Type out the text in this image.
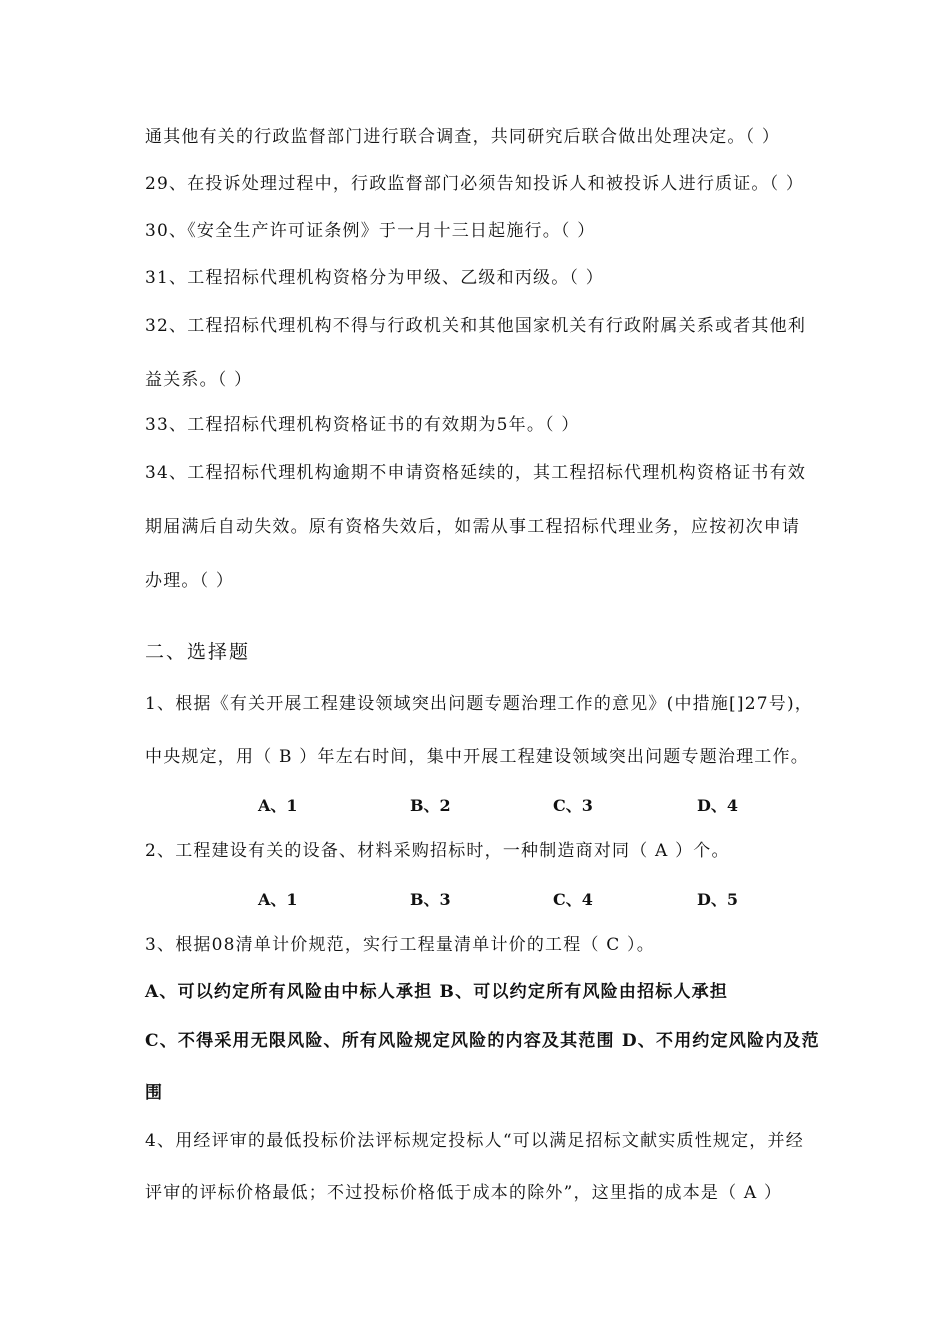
通其他有关的行政监督部门进行联合调查，共同研究后联合做出处理决定。（ ）
29、在投诉处理过程中，行政监督部门必须告知投诉人和被投诉人进行质证。（ ）
30、《安全生产许可证条例》于一月十三日起施行。（ ）
31、工程招标代理机构资格分为甲级、乙级和丙级。（ ）
32、工程招标代理机构不得与行政机关和其他国家机关有行政附属关系或者其他利
益关系。（ ）
33、工程招标代理机构资格证书的有效期为5年。（ ）
34、工程招标代理机构逾期不申请资格延续的，其工程招标代理机构资格证书有效
期届满后自动失效。原有资格失效后，如需从事工程招标代理业务，应按初次申请
办理。（ ）
二、选择题
1、根据《有关开展工程建设领域突出问题专题治理工作的意见》(中措施[]27号)，
中央规定，用（ B ）年左右时间，集中开展工程建设领域突出问题专题治理工作。
A、1	B、2	C、3	D、4
2、工程建设有关的设备、材料采购招标时，一种制造商对同（ A ）个。
A、1	B、3	C、4	D、5
3、根据08清单计价规范，实行工程量清单计价的工程（ C ）。
A、可以约定所有风险由中标人承担 B、可以约定所有风险由招标人承担
C、不得采用无限风险、所有风险规定风险的内容及其范围 D、不用约定风险内及范
围
4、用经评审的最低投标价法评标规定投标人“可以满足招标文献实质性规定，并经
评审的评标价格最低；不过投标价格低于成本的除外”，这里指的成本是（ A ）
